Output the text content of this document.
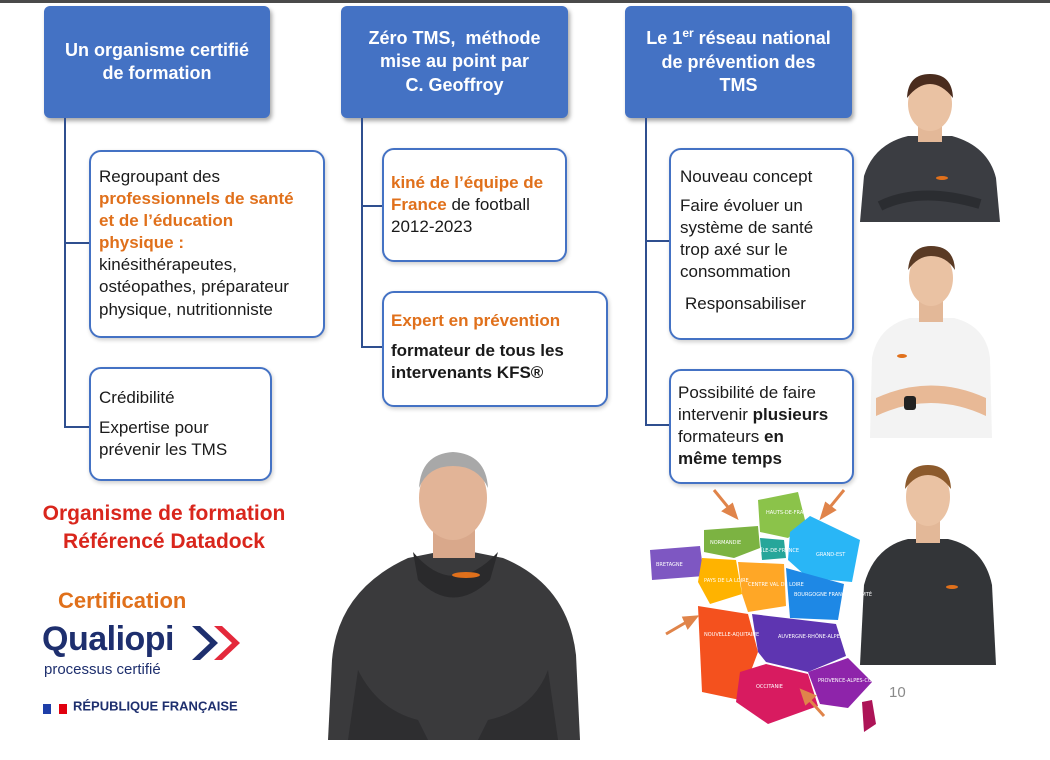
Un organisme certifié
de formation
Regroupant des
professionnels de santé
et de l’éducation
physique :
kinésithérapeutes,
ostéopathes, préparateur
physique, nutritionniste
Crédibilité
Expertise pour
prévenir les TMS
Zéro TMS,  méthode
mise au point par
C. Geoffroy
kiné de l’équipe de
France de football
2012-2023
Expert en prévention
formateur de tous les
intervenants KFS®
Le 1er réseau national
de prévention des
TMS
Nouveau concept
Faire évoluer un
système de santé
trop axé sur le
consommation
Responsabiliser
Possibilité de faire
intervenir plusieurs
formateurs en
même temps
Organisme de formation
Référencé Datadock
Certification
Qualiopi
processus certifié
RÉPUBLIQUE FRANÇAISE
HAUTS-DE-FRANCE
NORMANDIE
ÎLE-DE-FRANCE
GRAND-EST
BRETAGNE
PAYS DE LA LOIRE
CENTRE VAL DE LOIRE
BOURGOGNE FRANCHE-COMTÉ
NOUVELLE-AQUITAINE	AUVERGNE-RHÔNE-ALPES
OCCITANIE
PROVENCE-ALPES-CÔTE-D'AZUR
CORSE 10
